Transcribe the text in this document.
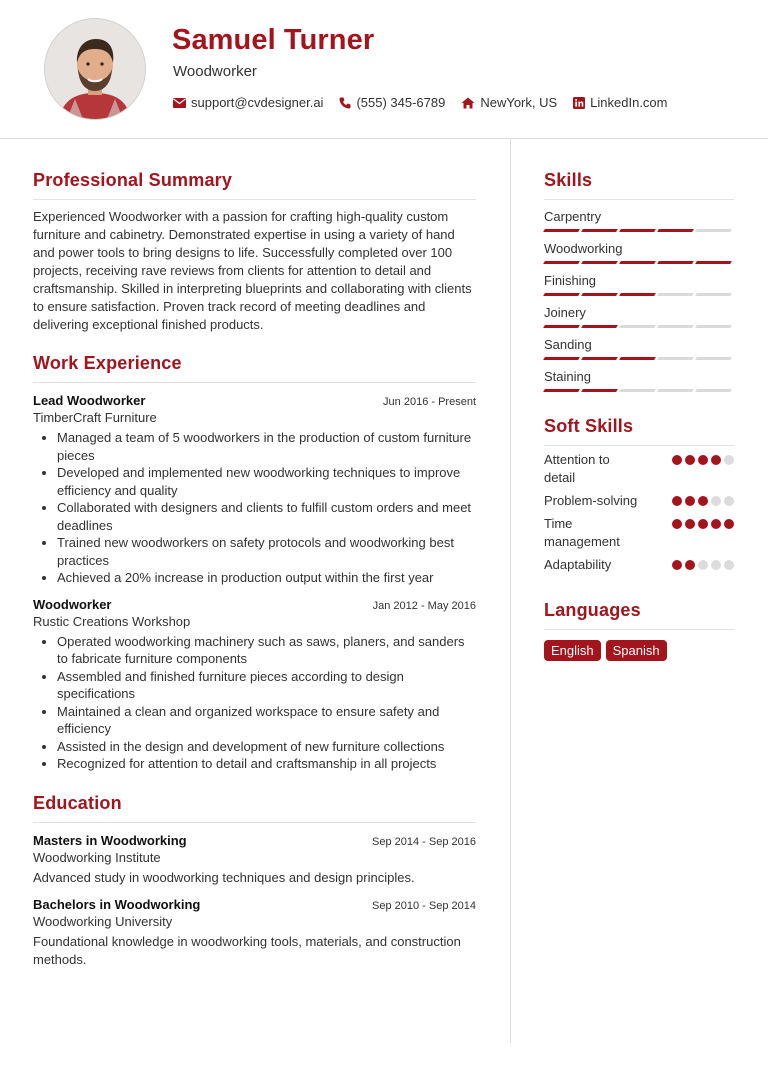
Samuel Turner
Woodworker
support@cvdesigner.ai	(555) 345-6789	NewYork, US	LinkedIn.com
Professional Summary

Experienced Woodworker with a passion for crafting high-quality custom furniture and cabinetry. Demonstrated expertise in using a variety of hand and power tools to bring designs to life. Successfully completed over 100 projects, receiving rave reviews from clients for attention to detail and craftsmanship. Skilled in interpreting blueprints and collaborating with clients to ensure satisfaction. Proven track record of meeting deadlines and delivering exceptional finished products.

Work Experience
Lead Woodworker	Jun 2016 - Present
TimberCraft Furniture
• Managed a team of 5 woodworkers in the production of custom furniture pieces
• Developed and implemented new woodworking techniques to improve efficiency and quality
• Collaborated with designers and clients to fulfill custom orders and meet deadlines
• Trained new woodworkers on safety protocols and woodworking best practices
• Achieved a 20% increase in production output within the first year
Woodworker	Jan 2012 - May 2016
Rustic Creations Workshop
• Operated woodworking machinery such as saws, planers, and sanders to fabricate furniture components
• Assembled and finished furniture pieces according to design specifications
• Maintained a clean and organized workspace to ensure safety and efficiency
• Assisted in the design and development of new furniture collections
• Recognized for attention to detail and craftsmanship in all projects
Education
Masters in Woodworking	Sep 2014 - Sep 2016
Woodworking Institute
Advanced study in woodworking techniques and design principles.
Bachelors in Woodworking	Sep 2010 - Sep 2014
Woodworking University
Foundational knowledge in woodworking tools, materials, and construction methods.
Skills
Carpentry
Woodworking
Finishing
Joinery
Sanding
Staining
Soft Skills
Attention to detail
Problem-solving
Time management
Adaptability
Languages
English	Spanish
